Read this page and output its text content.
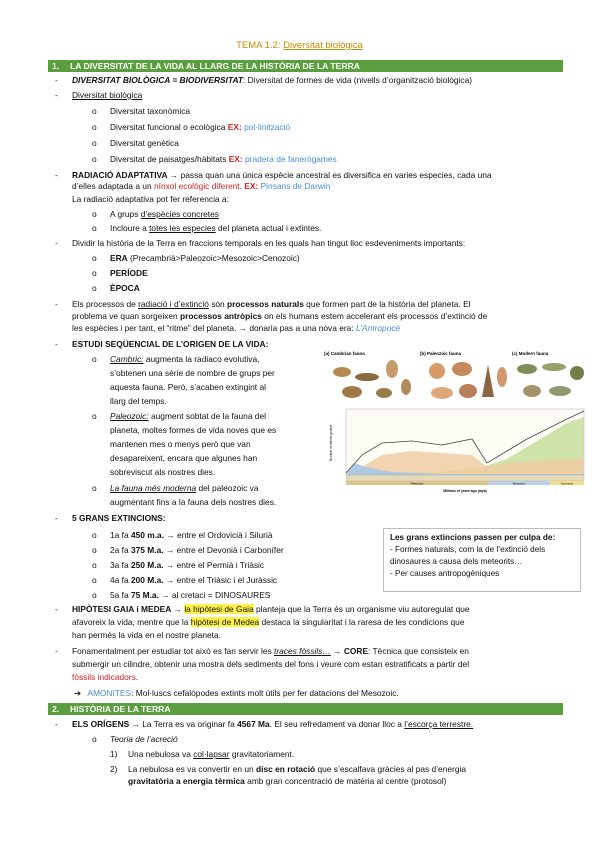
TEMA 1.2: Diversitat biològica
1. LA DIVERSITAT DE LA VIDA AL LLARG DE LA HISTÒRIA DE LA TERRA
- DIVERSITAT BIOLÒGICA = BIODIVERSITAT: Diversitat de formes de vida (nivells d’organització biològica)
- Diversitat biològica
o Diversitat taxonòmica
o Diversitat funcional o ecològica EX: pol·linització
o Diversitat genètica
o Diversitat de paisatges/hàbitats EX: pradera de fanerògames
- RADIACIÓ ADAPTATIVA → passa quan una única espècie ancestral es diversifica en varies especies, cada una
d’elles adaptada a un nínxol ecològic diferent. EX: Pinsans de Darwin
La radiació adaptativa pot fer referencia a:
o A grups d’espècies concretes
o Incloure a totes les especies del planeta actual i extintes.
- Dividir la història de la Terra en fraccions temporals en les quals han tingut lloc esdeveniments importants:
o ERA (Precambrià>Paleozoic>Mesozoic>Cenozoic)
o PERÍODE
o ÈPOCA
- Els processos de radiació i d’extinció són processos naturals que formen part de la història del planeta. El
problema ve quan sorgeixen processos antròpics on els humans estem accelerant els processos d’extinció de
les espècies i per tant, el “ritme” del planeta. → donaria pas a una nova era: L’Antropocè
- ESTUDI SEQÜENCIAL DE L’ORIGEN DE LA VIDA:
o Cambric: augmenta la radiaco evolutiva,
s’obtenen una sèrie de nombre de grups per
aquesta fauna. Però, s’acaben extingint al
llarg del temps.
o Paleozoic: augment sobtat de la fauna del
planeta, moltes formes de vida noves que es
mantenen mes o menys però que van
desapareixent, encara que algunes han
sobreviscut als nostres dies.
o La fauna més moderna del paleozoic va
augmentant fins a la fauna dels nostres dies.
(a) Cambrian fauna	(b) Paleozoic fauna	(c) Modern fauna
Paleozoic	Mesozoic	Cenozoic
Millions of years ago (mya)
Number of marine genera
- 5 GRANS EXTINCIONS:
o 1a fa 450 m.a. → entre el Ordovicià i Silurià
o 2a fa 375 M.a. → entre el Devonià i Carbonífer
o 3a fa 250 M.a. → entre el Permià i Triàsic
o 4a fa 200 M.a. → entre el Triàsic i el Juràssic
o 5a fa 75 M.a. → al cretaci = DINOSAURES
Les grans extincions passen per culpa de:
- Formes naturals, com la de l’extinció dels
dinosaures a causa dels meteorits…
- Per causes antropogèniques
- HIPÒTESI GAIA i MEDEA → la hipòtesi de Gaia planteja que la Terra és un organisme viu autoregulat que
afavoreix la vida, mentre que la hipòtesi de Medea destaca la singularitat i la raresa de les condicions que
han permès la vida en el nostre planeta.
- Fonamentalment per estudiar tot això es fan servir les traces fòssils… → CORE: Tècnica que consisteix en
submergir un cilindre, obtenir una mostra dels sediments del fons i veure com estan estratificats a partir del
fòssils indicadors.
➔ AMONITES: Mol·luscs cefalòpodes extints molt útils per fer datacions del Mesozoic.
2. HISTÒRIA DE LA TERRA
- ELS ORÍGENS → La Terra es va originar fa 4567 Ma. El seu refredament va donar lloc a l’escorça terrestre.
o Teoria de l’acreció
1) Una nebulosa va col·lapsar gravitatoriament.
2) La nebulosa es va convertir en un disc en rotació que s’escalfava gràcies al pas d’energia
gravitatòria a energia tèrmica amb gran concentració de matèria al centre (protosol)
